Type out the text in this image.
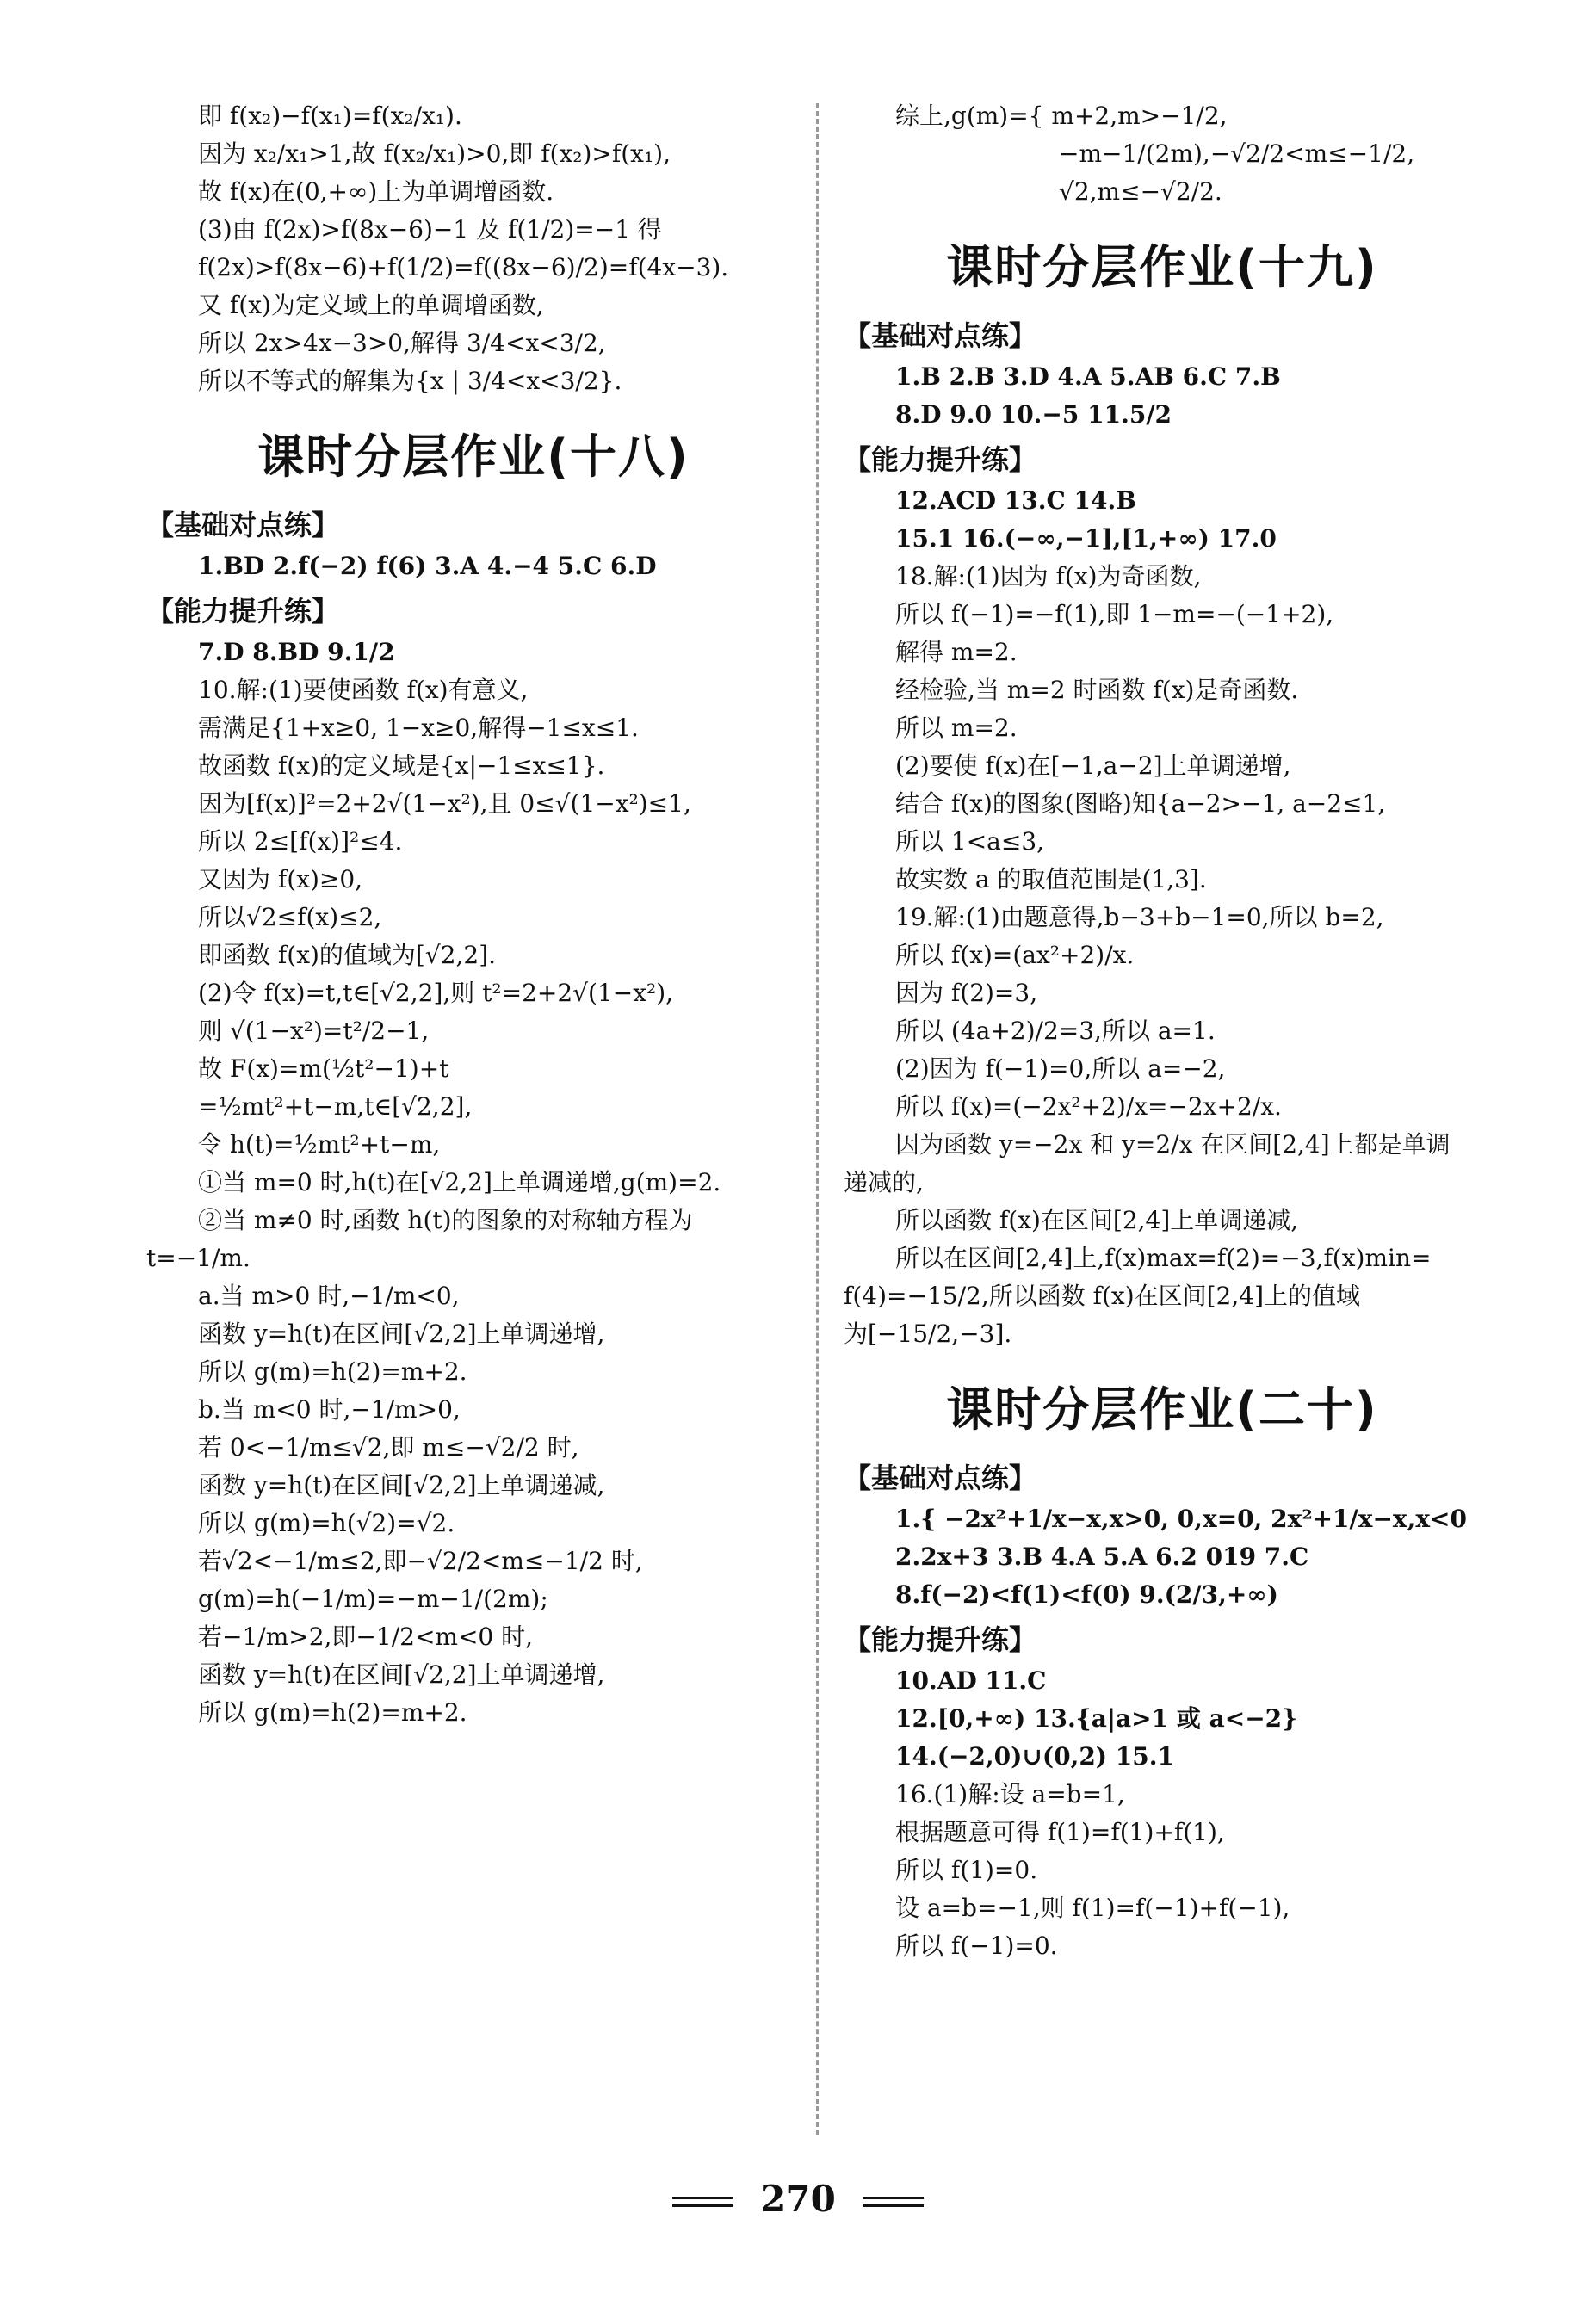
即 f(x₂)−f(x₁)=f(x₂/x₁).
因为 x₂/x₁>1,故 f(x₂/x₁)>0,即 f(x₂)>f(x₁),
故 f(x)在(0,+∞)上为单调增函数.
(3)由 f(2x)>f(8x−6)−1 及 f(1/2)=−1 得
f(2x)>f(8x−6)+f(1/2)=f((8x−6)/2)=f(4x−3).
又 f(x)为定义域上的单调增函数,
所以 2x>4x−3>0,解得 3/4<x<3/2,
所以不等式的解集为{x | 3/4<x<3/2}.
课时分层作业(十八)
【基础对点练】
1.BD 2.f(−2) f(6) 3.A 4.−4 5.C 6.D
【能力提升练】
7.D 8.BD 9.1/2
10.解:(1)要使函数 f(x)有意义,
需满足{1+x≥0, 1−x≥0,解得−1≤x≤1.
故函数 f(x)的定义域是{x|−1≤x≤1}.
因为[f(x)]²=2+2√(1−x²),且 0≤√(1−x²)≤1,
所以 2≤[f(x)]²≤4.
又因为 f(x)≥0,
所以√2≤f(x)≤2,
即函数 f(x)的值域为[√2,2].
(2)令 f(x)=t,t∈[√2,2],则 t²=2+2√(1−x²),
则 √(1−x²)=t²/2−1,
故 F(x)=m(½t²−1)+t
=½mt²+t−m,t∈[√2,2],
令 h(t)=½mt²+t−m,
①当 m=0 时,h(t)在[√2,2]上单调递增,g(m)=2.
②当 m≠0 时,函数 h(t)的图象的对称轴方程为
t=−1/m.
a.当 m>0 时,−1/m<0,
函数 y=h(t)在区间[√2,2]上单调递增,
所以 g(m)=h(2)=m+2.
b.当 m<0 时,−1/m>0,
若 0<−1/m≤√2,即 m≤−√2/2 时,
函数 y=h(t)在区间[√2,2]上单调递减,
所以 g(m)=h(√2)=√2.
若√2<−1/m≤2,即−√2/2<m≤−1/2 时,
g(m)=h(−1/m)=−m−1/(2m);
若−1/m>2,即−1/2<m<0 时,
函数 y=h(t)在区间[√2,2]上单调递增,
所以 g(m)=h(2)=m+2.
综上,g(m)={ m+2,m>−1/2,
−m−1/(2m),−√2/2<m≤−1/2,
√2,m≤−√2/2.
课时分层作业(十九)
【基础对点练】
1.B 2.B 3.D 4.A 5.AB 6.C 7.B
8.D 9.0 10.−5 11.5/2
【能力提升练】
12.ACD 13.C 14.B
15.1 16.(−∞,−1],[1,+∞) 17.0
18.解:(1)因为 f(x)为奇函数,
所以 f(−1)=−f(1),即 1−m=−(−1+2),
解得 m=2.
经检验,当 m=2 时函数 f(x)是奇函数.
所以 m=2.
(2)要使 f(x)在[−1,a−2]上单调递增,
结合 f(x)的图象(图略)知{a−2>−1, a−2≤1,
所以 1<a≤3,
故实数 a 的取值范围是(1,3].
19.解:(1)由题意得,b−3+b−1=0,所以 b=2,
所以 f(x)=(ax²+2)/x.
因为 f(2)=3,
所以 (4a+2)/2=3,所以 a=1.
(2)因为 f(−1)=0,所以 a=−2,
所以 f(x)=(−2x²+2)/x=−2x+2/x.
因为函数 y=−2x 和 y=2/x 在区间[2,4]上都是单调
递减的,
所以函数 f(x)在区间[2,4]上单调递减,
所以在区间[2,4]上,f(x)max=f(2)=−3,f(x)min=
f(4)=−15/2,所以函数 f(x)在区间[2,4]上的值域
为[−15/2,−3].
课时分层作业(二十)
【基础对点练】
1.{ −2x²+1/x−x,x>0, 0,x=0, 2x²+1/x−x,x<0
2.2x+3 3.B 4.A 5.A 6.2 019 7.C
8.f(−2)<f(1)<f(0) 9.(2/3,+∞)
【能力提升练】
10.AD 11.C
12.[0,+∞) 13.{a|a>1 或 a<−2}
14.(−2,0)∪(0,2) 15.1
16.(1)解:设 a=b=1,
根据题意可得 f(1)=f(1)+f(1),
所以 f(1)=0.
设 a=b=−1,则 f(1)=f(−1)+f(−1),
所以 f(−1)=0.
270
